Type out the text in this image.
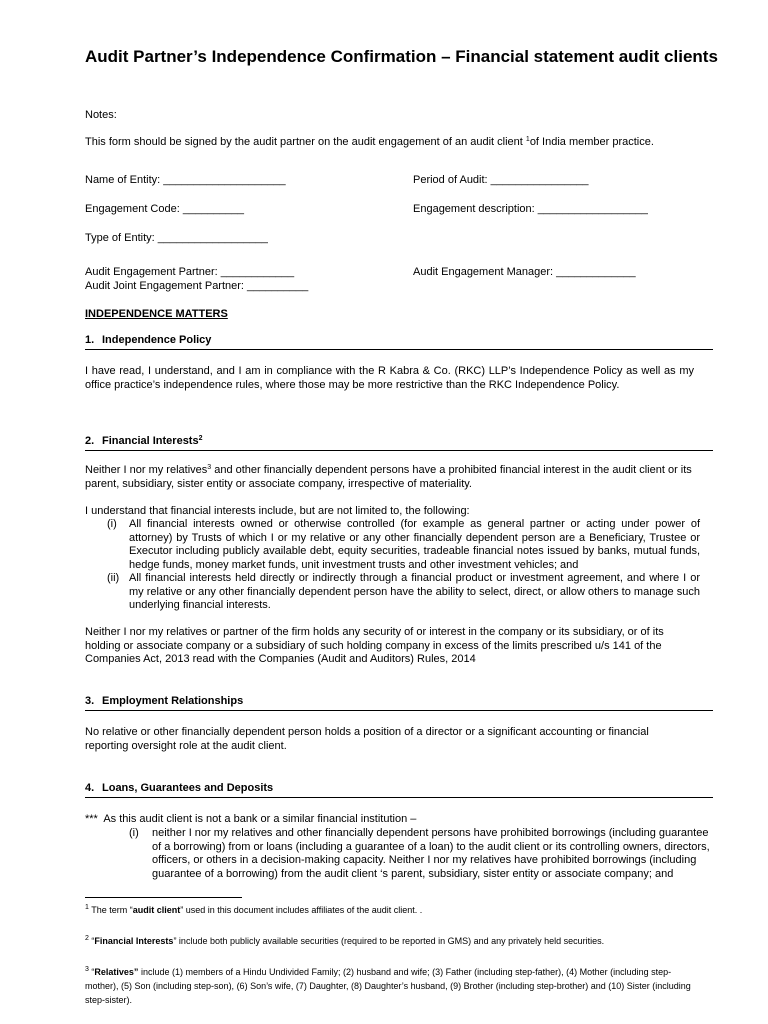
Audit Partner’s Independence Confirmation – Financial statement audit clients
Notes:
This form should be signed by the audit partner on the audit engagement of an audit client $^1$of India member practice.
Name of Entity: ____________________	Period of Audit: ________________
Engagement Code: __________	Engagement description: __________________
Type of Entity: __________________
Audit Engagement Partner: ____________	Audit Engagement Manager: _____________
Audit Joint Engagement Partner: __________
INDEPENDENCE MATTERS
1. Independence Policy
I have read, I understand, and I am in compliance with the R Kabra & Co. (RKC) LLP’s Independence Policy as well as my office practice’s independence rules, where those may be more restrictive than the RKC Independence Policy.
2. Financial Interests$^2$
Neither I nor my relatives$^3$ and other financially dependent persons have a prohibited financial interest in the audit client or its parent, subsidiary, sister entity or associate company, irrespective of materiality.
I understand that financial interests include, but are not limited to, the following:
(i) All financial interests owned or otherwise controlled (for example as general partner or acting under power of attorney) by Trusts of which I or my relative or any other financially dependent person are a Beneficiary, Trustee or Executor including publicly available debt, equity securities, tradeable financial notes issued by banks, mutual funds, hedge funds, money market funds, unit investment trusts and other investment vehicles; and
(ii) All financial interests held directly or indirectly through a financial product or investment agreement, and where I or my relative or any other financially dependent person have the ability to select, direct, or allow others to manage such underlying financial interests.
Neither I nor my relatives or partner of the firm holds any security of or interest in the company or its subsidiary, or of its holding or associate company or a subsidiary of such holding company in excess of the limits prescribed u/s 141 of the Companies Act, 2013 read with the Companies (Audit and Auditors) Rules, 2014
3. Employment Relationships
No relative or other financially dependent person holds a position of a director or a significant accounting or financial reporting oversight role at the audit client.
4. Loans, Guarantees and Deposits
***  As this audit client is not a bank or a similar financial institution –
(i) neither I nor my relatives and other financially dependent persons have prohibited borrowings (including guarantee of a borrowing) from or loans (including a guarantee of a loan) to the audit client or its controlling owners, directors, officers, or others in a decision-making capacity. Neither I nor my relatives have prohibited borrowings (including guarantee of a borrowing) from the audit client ‘s parent, subsidiary, sister entity or associate company; and
$^1$ The term “audit client” used in this document includes affiliates of the audit client. .
$^2$ “Financial Interests” include both publicly available securities (required to be reported in GMS) and any privately held securities.
$^3$ “Relatives” include (1) members of a Hindu Undivided Family; (2) husband and wife; (3) Father (including step-father), (4) Mother (including step-mother), (5) Son (including step-son), (6) Son’s wife, (7) Daughter, (8) Daughter’s husband, (9) Brother (including step-brother) and (10) Sister (including step-sister).
